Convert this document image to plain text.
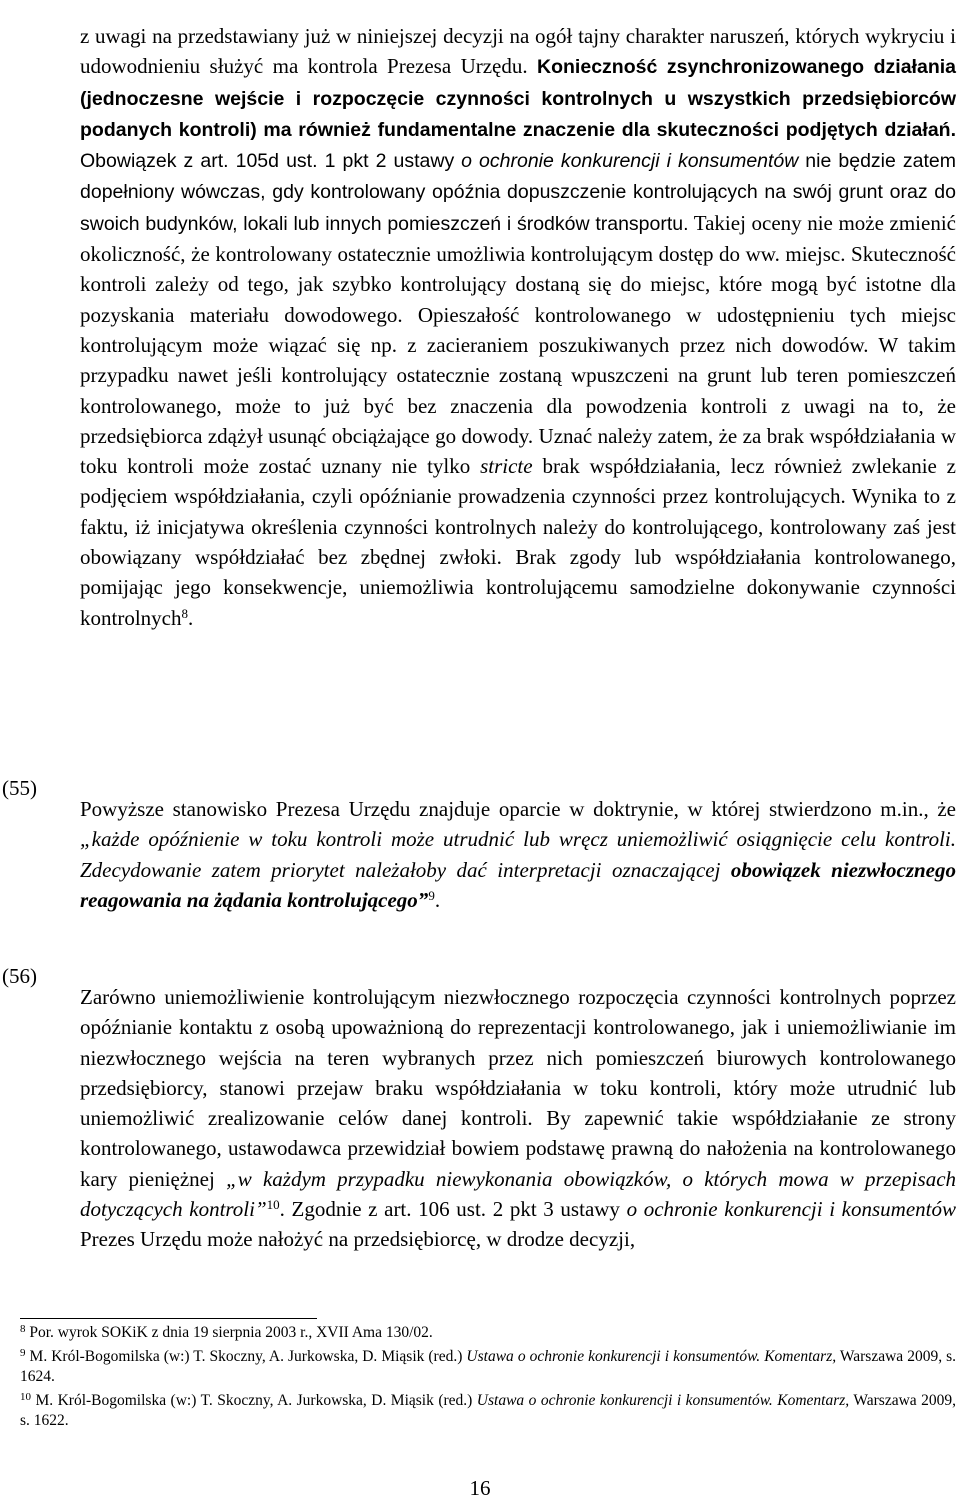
z uwagi na przedstawiany już w niniejszej decyzji na ogół tajny charakter naruszeń, których wykryciu i udowodnieniu służyć ma kontrola Prezesa Urzędu. Konieczność zsynchronizowanego działania (jednoczesne wejście i rozpoczęcie czynności kontrolnych u wszystkich przedsiębiorców podanych kontroli) ma również fundamentalne znaczenie dla skuteczności podjętych działań. Obowiązek z art. 105d ust. 1 pkt 2 ustawy o ochronie konkurencji i konsumentów nie będzie zatem dopełniony wówczas, gdy kontrolowany opóźnia dopuszczenie kontrolujących na swój grunt oraz do swoich budynków, lokali lub innych pomieszczeń i środków transportu. Takiej oceny nie może zmienić okoliczność, że kontrolowany ostatecznie umożliwia kontrolującym dostęp do ww. miejsc. Skuteczność kontroli zależy od tego, jak szybko kontrolujący dostaną się do miejsc, które mogą być istotne dla pozyskania materiału dowodowego. Opieszałość kontrolowanego w udostępnieniu tych miejsc kontrolującym może wiązać się np. z zacieraniem poszukiwanych przez nich dowodów. W takim przypadku nawet jeśli kontrolujący ostatecznie zostaną wpuszczeni na grunt lub teren pomieszczeń kontrolowanego, może to już być bez znaczenia dla powodzenia kontroli z uwagi na to, że przedsiębiorca zdążył usunąć obciążające go dowody. Uznać należy zatem, że za brak współdziałania w toku kontroli może zostać uznany nie tylko stricte brak współdziałania, lecz również zwlekanie z podjęciem współdziałania, czyli opóźnianie prowadzenia czynności przez kontrolujących. Wynika to z faktu, iż inicjatywa określenia czynności kontrolnych należy do kontrolującego, kontrolowany zaś jest obowiązany współdziałać bez zbędnej zwłoki. Brak zgody lub współdziałania kontrolowanego, pomijając jego konsekwencje, uniemożliwia kontrolującemu samodzielne dokonywanie czynności kontrolnych$^8$.

(55)

Powyższe stanowisko Prezesa Urzędu znajduje oparcie w doktrynie, w której stwierdzono m.in., że „każde opóźnienie w toku kontroli może utrudnić lub wręcz uniemożliwić osiągnięcie celu kontroli. Zdecydowanie zatem priorytet należałoby dać interpretacji oznaczającej obowiązek niezwłocznego reagowania na żądania kontrolującego”$^9$.

(56)

Zarówno uniemożliwienie kontrolującym niezwłocznego rozpoczęcia czynności kontrolnych poprzez opóźnianie kontaktu z osobą upoważnioną do reprezentacji kontrolowanego, jak i uniemożliwianie im niezwłocznego wejścia na teren wybranych przez nich pomieszczeń biurowych kontrolowanego przedsiębiorcy, stanowi przejaw braku współdziałania w toku kontroli, który może utrudnić lub uniemożliwić zrealizowanie celów danej kontroli. By zapewnić takie współdziałanie ze strony kontrolowanego, ustawodawca przewidział bowiem podstawę prawną do nałożenia na kontrolowanego kary pieniężnej „w każdym przypadku niewykonania obowiązków, o których mowa w przepisach dotyczących kontroli”$^{10}$. Zgodnie z art. 106 ust. 2 pkt 3 ustawy o ochronie konkurencji i konsumentów Prezes Urzędu może nałożyć na przedsiębiorcę, w drodze decyzji,

$^8$ Por. wyrok SOKiK z dnia 19 sierpnia 2003 r., XVII Ama 130/02.

$^9$ M. Król-Bogomilska (w:) T. Skoczny, A. Jurkowska, D. Miąsik (red.) Ustawa o ochronie konkurencji i konsumentów. Komentarz, Warszawa 2009, s. 1624.

$^{10}$ M. Król-Bogomilska (w:) T. Skoczny, A. Jurkowska, D. Miąsik (red.) Ustawa o ochronie konkurencji i konsumentów. Komentarz, Warszawa 2009, s. 1622.

16
